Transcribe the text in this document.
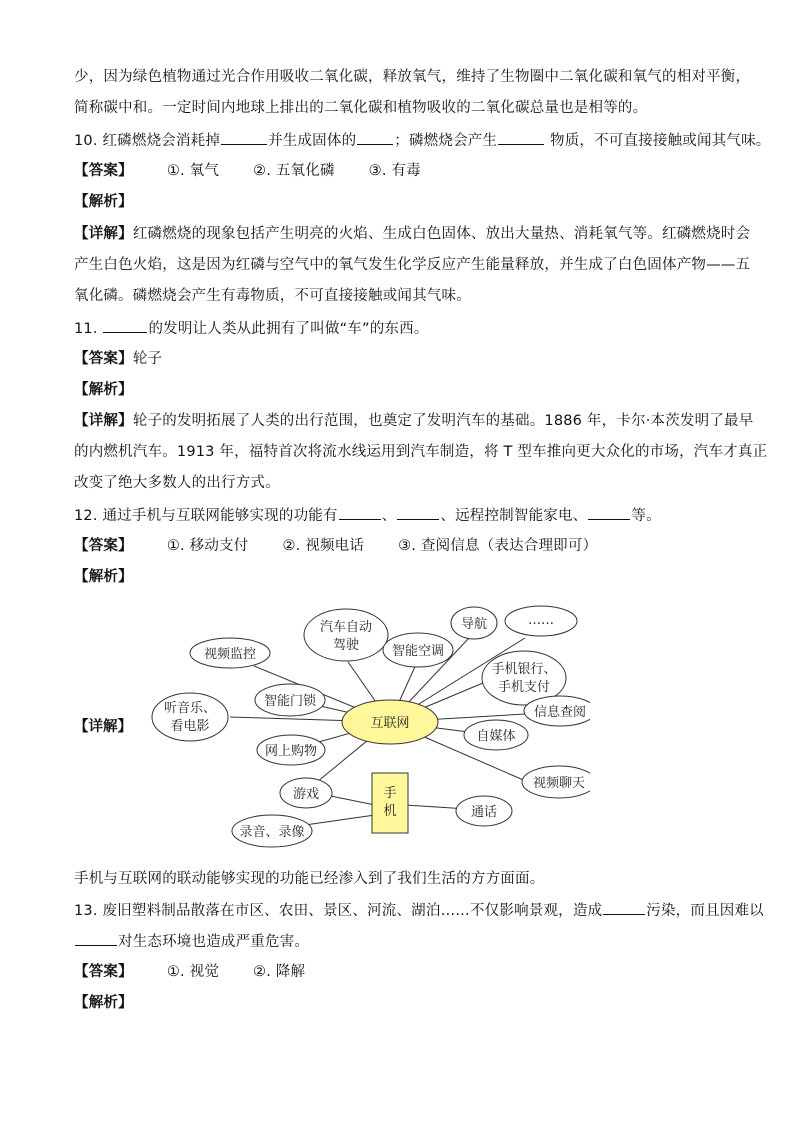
少，因为绿色植物通过光合作用吸收二氧化碳，释放氧气，维持了生物圈中二氧化碳和氧气的相对平衡，
简称碳中和。一定时间内地球上排出的二氧化碳和植物吸收的二氧化碳总量也是相等的。
10. 红磷燃烧会消耗掉	并生成固体的	；磷燃烧会产生	物质，不可直接接触或闻其气味。
【答案】 ①. 氧气 ②. 五氧化磷 ③. 有毒
【解析】
【详解】红磷燃烧的现象包括产生明亮的火焰、生成白色固体、放出大量热、消耗氧气等。红磷燃烧时会
产生白色火焰，这是因为红磷与空气中的氧气发生化学反应产生能量释放，并生成了白色固体产物——五
氧化磷。磷燃烧会产生有毒物质，不可直接接触或闻其气味。
11.	的发明让人类从此拥有了叫做“车”的东西。
【答案】轮子
【解析】
【详解】轮子的发明拓展了人类的出行范围，也奠定了发明汽车的基础。1886 年，卡尔·本茨发明了最早
的内燃机汽车。1913 年，福特首次将流水线运用到汽车制造，将 T 型车推向更大众化的市场，汽车才真正
改变了绝大多数人的出行方式。
12. 通过手机与互联网能够实现的功能有	、	、远程控制智能家电、	等。
【答案】 ①. 移动支付 ②. 视频电话 ③. 查阅信息（表达合理即可）
【解析】
【详解】	互联网
手
机
视频监控
汽车自动
驾驶	智能空调
导航	……
手机银行、
手机支付
信息查阅
自媒体
视频聊天
通话
录音、录像
游戏
网上购物
智能门锁
听音乐、
看电影
手机与互联网的联动能够实现的功能已经渗入到了我们生活的方方面面。
13. 废旧塑料制品散落在市区、农田、景区、河流、湖泊……不仅影响景观，造成	污染，而且因难以
对生态环境也造成严重危害。
【答案】 ①. 视觉 ②. 降解
【解析】
